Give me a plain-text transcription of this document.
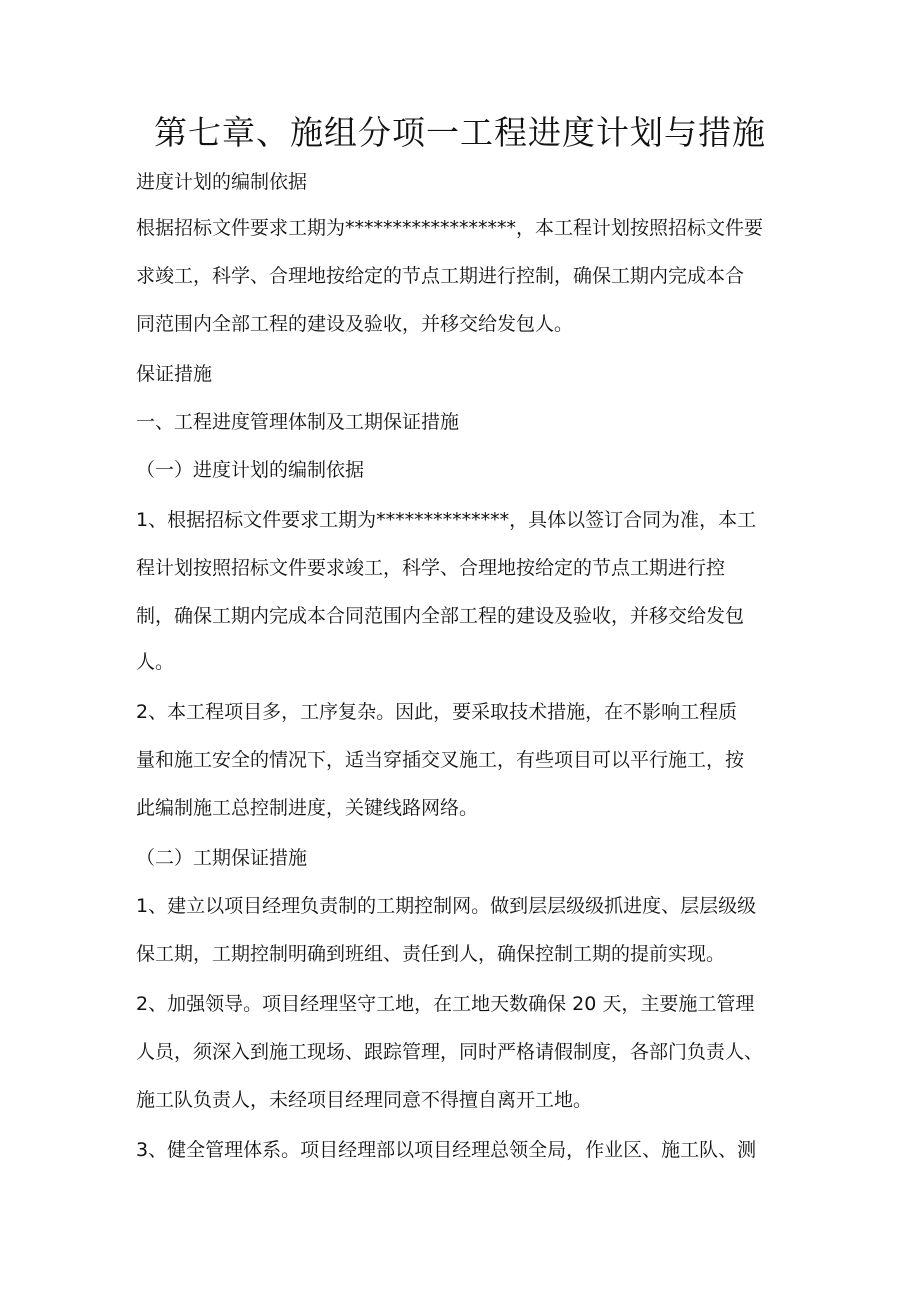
第七章、施组分项一工程进度计划与措施

进度计划的编制依据

根据招标文件要求工期为******************，本工程计划按照招标文件要

求竣工，科学、合理地按给定的节点工期进行控制，确保工期内完成本合

同范围内全部工程的建设及验收，并移交给发包人。

保证措施

一、工程进度管理体制及工期保证措施

（一）进度计划的编制依据

1、根据招标文件要求工期为**************，具体以签订合同为准，本工

程计划按照招标文件要求竣工，科学、合理地按给定的节点工期进行控

制，确保工期内完成本合同范围内全部工程的建设及验收，并移交给发包

人。

2、本工程项目多，工序复杂。因此，要采取技术措施，在不影响工程质

量和施工安全的情况下，适当穿插交叉施工，有些项目可以平行施工，按

此编制施工总控制进度，关键线路网络。

（二）工期保证措施

1、建立以项目经理负责制的工期控制网。做到层层级级抓进度、层层级级

保工期，工期控制明确到班组、责任到人，确保控制工期的提前实现。

2、加强领导。项目经理坚守工地，在工地天数确保 20 天，主要施工管理

人员，须深入到施工现场、跟踪管理，同时严格请假制度，各部门负责人、

施工队负责人，未经项目经理同意不得擅自离开工地。

3、健全管理体系。项目经理部以项目经理总领全局，作业区、施工队、测
